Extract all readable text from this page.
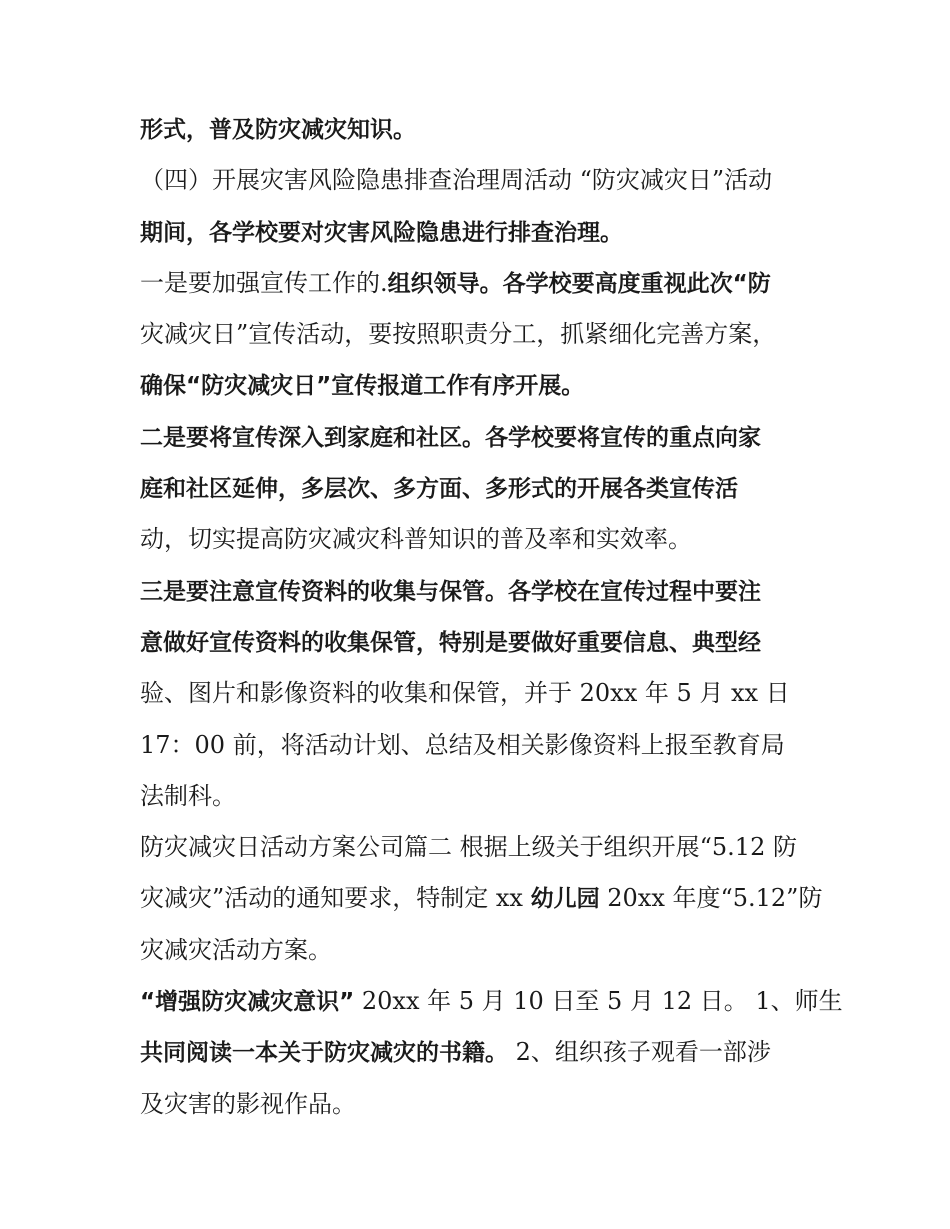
形式，普及防灾减灾知识。
（四）开展灾害风险隐患排查治理周活动 “防灾减灾日”活动
期间，各学校要对灾害风险隐患进行排查治理。
一是要加强宣传工作的.组织领导。各学校要高度重视此次“防
灾减灾日”宣传活动，要按照职责分工，抓紧细化完善方案，
确保“防灾减灾日”宣传报道工作有序开展。
二是要将宣传深入到家庭和社区。各学校要将宣传的重点向家
庭和社区延伸，多层次、多方面、多形式的开展各类宣传活
动，切实提高防灾减灾科普知识的普及率和实效率。
三是要注意宣传资料的收集与保管。各学校在宣传过程中要注
意做好宣传资料的收集保管，特别是要做好重要信息、典型经
验、图片和影像资料的收集和保管，并于 20xx 年 5 月 xx 日
17：00 前，将活动计划、总结及相关影像资料上报至教育局
法制科。
防灾减灾日活动方案公司篇二 根据上级关于组织开展“5.12 防
灾减灾”活动的通知要求，特制定 xx 幼儿园 20xx 年度“5.12”防
灾减灾活动方案。
“增强防灾减灾意识” 20xx 年 5 月 10 日至 5 月 12 日。 1、师生
共同阅读一本关于防灾减灾的书籍。 2、组织孩子观看一部涉
及灾害的影视作品。
